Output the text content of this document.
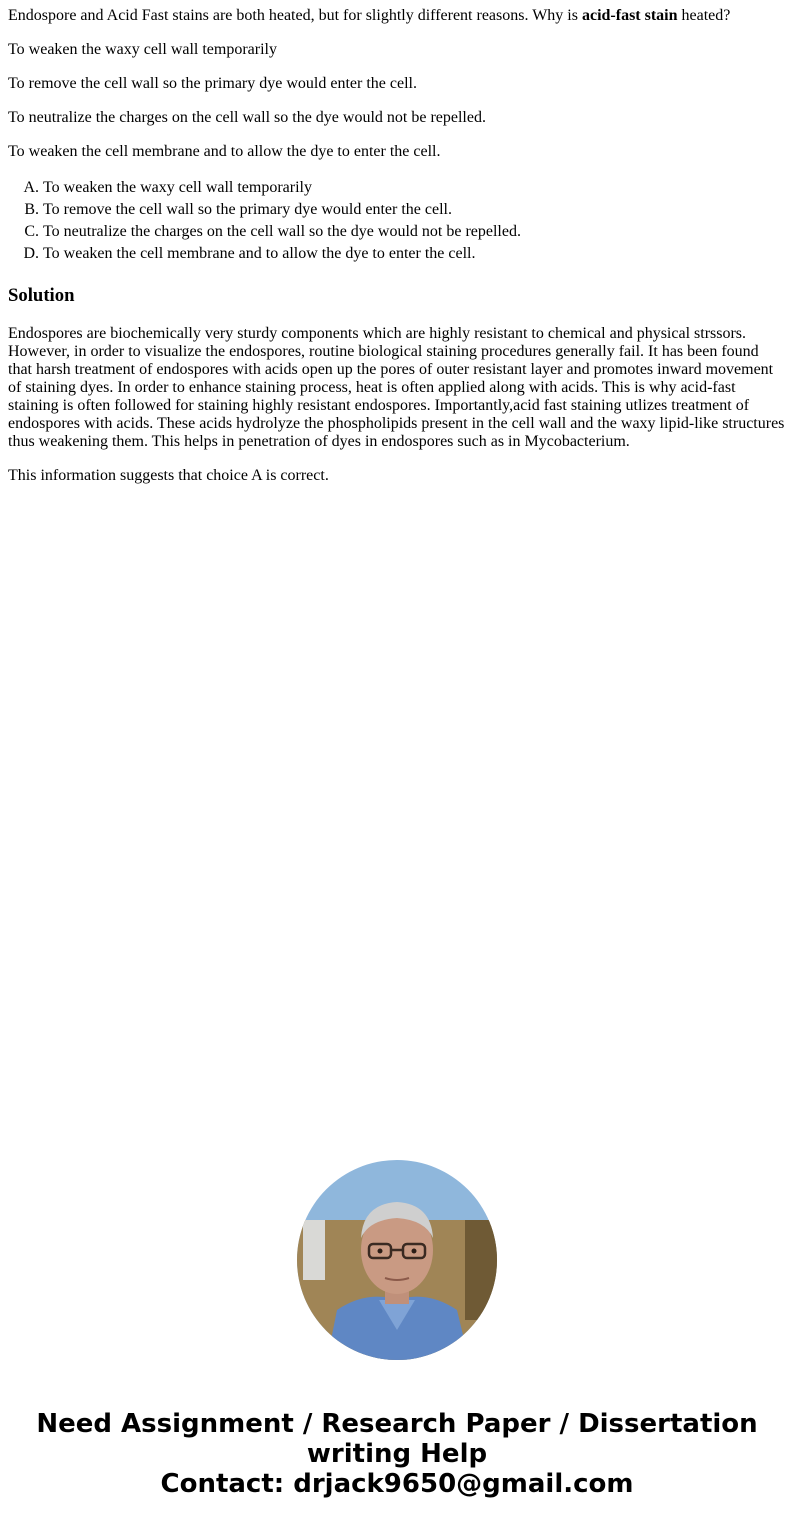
Endospore and Acid Fast stains are both heated, but for slightly different reasons. Why is acid-fast stain heated?

To weaken the waxy cell wall temporarily

To remove the cell wall so the primary dye would enter the cell.

To neutralize the charges on the cell wall so the dye would not be repelled.

To weaken the cell membrane and to allow the dye to enter the cell.

A. To weaken the waxy cell wall temporarily
B. To remove the cell wall so the primary dye would enter the cell.
C. To neutralize the charges on the cell wall so the dye would not be repelled.
D. To weaken the cell membrane and to allow the dye to enter the cell.
Solution

Endospores are biochemically very sturdy components which are highly resistant to chemical and physical strssors. However, in order to visualize the endospores, routine biological staining procedures generally fail. It has been found that harsh treatment of endospores with acids open up the pores of outer resistant layer and promotes inward movement of staining dyes. In order to enhance staining process, heat is often applied along with acids. This is why acid-fast staining is often followed for staining highly resistant endospores. Importantly,acid fast staining utlizes treatment of endospores with acids. These acids hydrolyze the phospholipids present in the cell wall and the waxy lipid-like structures thus weakening them. This helps in penetration of dyes in endospores such as in Mycobacterium.

This information suggests that choice A is correct.

Need Assignment / Research Paper / Dissertation
writing Help
Contact: drjack9650@gmail.com
